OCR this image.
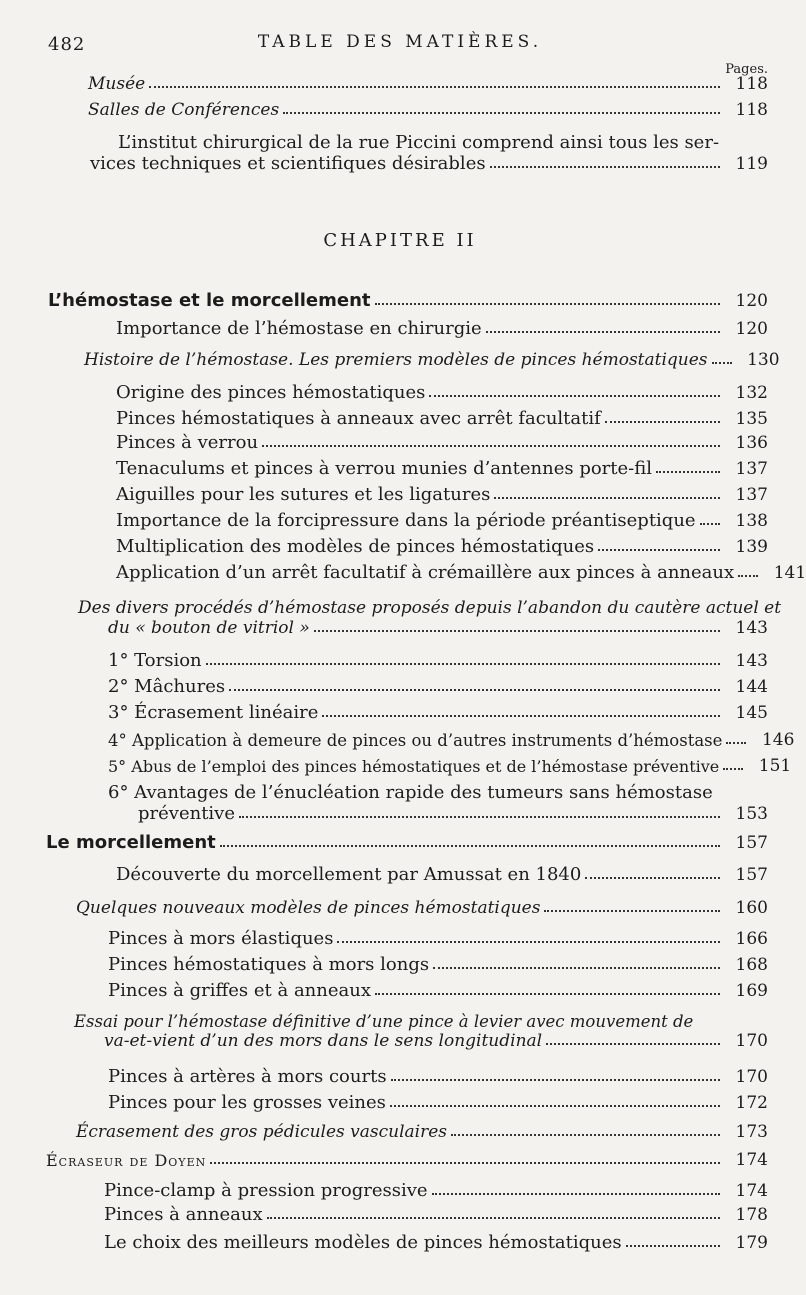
482	TABLE DES MATIÈRES.
Pages.
Musée	118
Salles de Conférences	118
L’institut chirurgical de la rue Piccini comprend ainsi tous les ser-
vices techniques et scientifiques désirables	119
CHAPITRE II
L’hémostase et le morcellement	120
Importance de l’hémostase en chirurgie	120
Histoire de l’hémostase. Les premiers modèles de pinces hémostatiques	130
Origine des pinces hémostatiques	132
Pinces hémostatiques à anneaux avec arrêt facultatif	135
Pinces à verrou	136
Tenaculums et pinces à verrou munies d’antennes porte-fil	137
Aiguilles pour les sutures et les ligatures	137
Importance de la forcipressure dans la période préantiseptique	138
Multiplication des modèles de pinces hémostatiques	139
Application d’un arrêt facultatif à crémaillère aux pinces à anneaux	141
Des divers procédés d’hémostase proposés depuis l’abandon du cautère actuel et
du « bouton de vitriol »	143
1° Torsion	143
2° Mâchures	144
3° Écrasement linéaire	145
4° Application à demeure de pinces ou d’autres instruments d’hémostase	146
5° Abus de l’emploi des pinces hémostatiques et de l’hémostase préventive	151
6° Avantages de l’énucléation rapide des tumeurs sans hémostase
préventive	153
Le morcellement	157
Découverte du morcellement par Amussat en 1840	157
Quelques nouveaux modèles de pinces hémostatiques	160
Pinces à mors élastiques	166
Pinces hémostatiques à mors longs	168
Pinces à griffes et à anneaux	169
Essai pour l’hémostase définitive d’une pince à levier avec mouvement de
va-et-vient d’un des mors dans le sens longitudinal	170
Pinces à artères à mors courts	170
Pinces pour les grosses veines	172
Écrasement des gros pédicules vasculaires	173
Écraseur de Doyen	174
Pince-clamp à pression progressive	174
Pinces à anneaux	178
Le choix des meilleurs modèles de pinces hémostatiques	179
